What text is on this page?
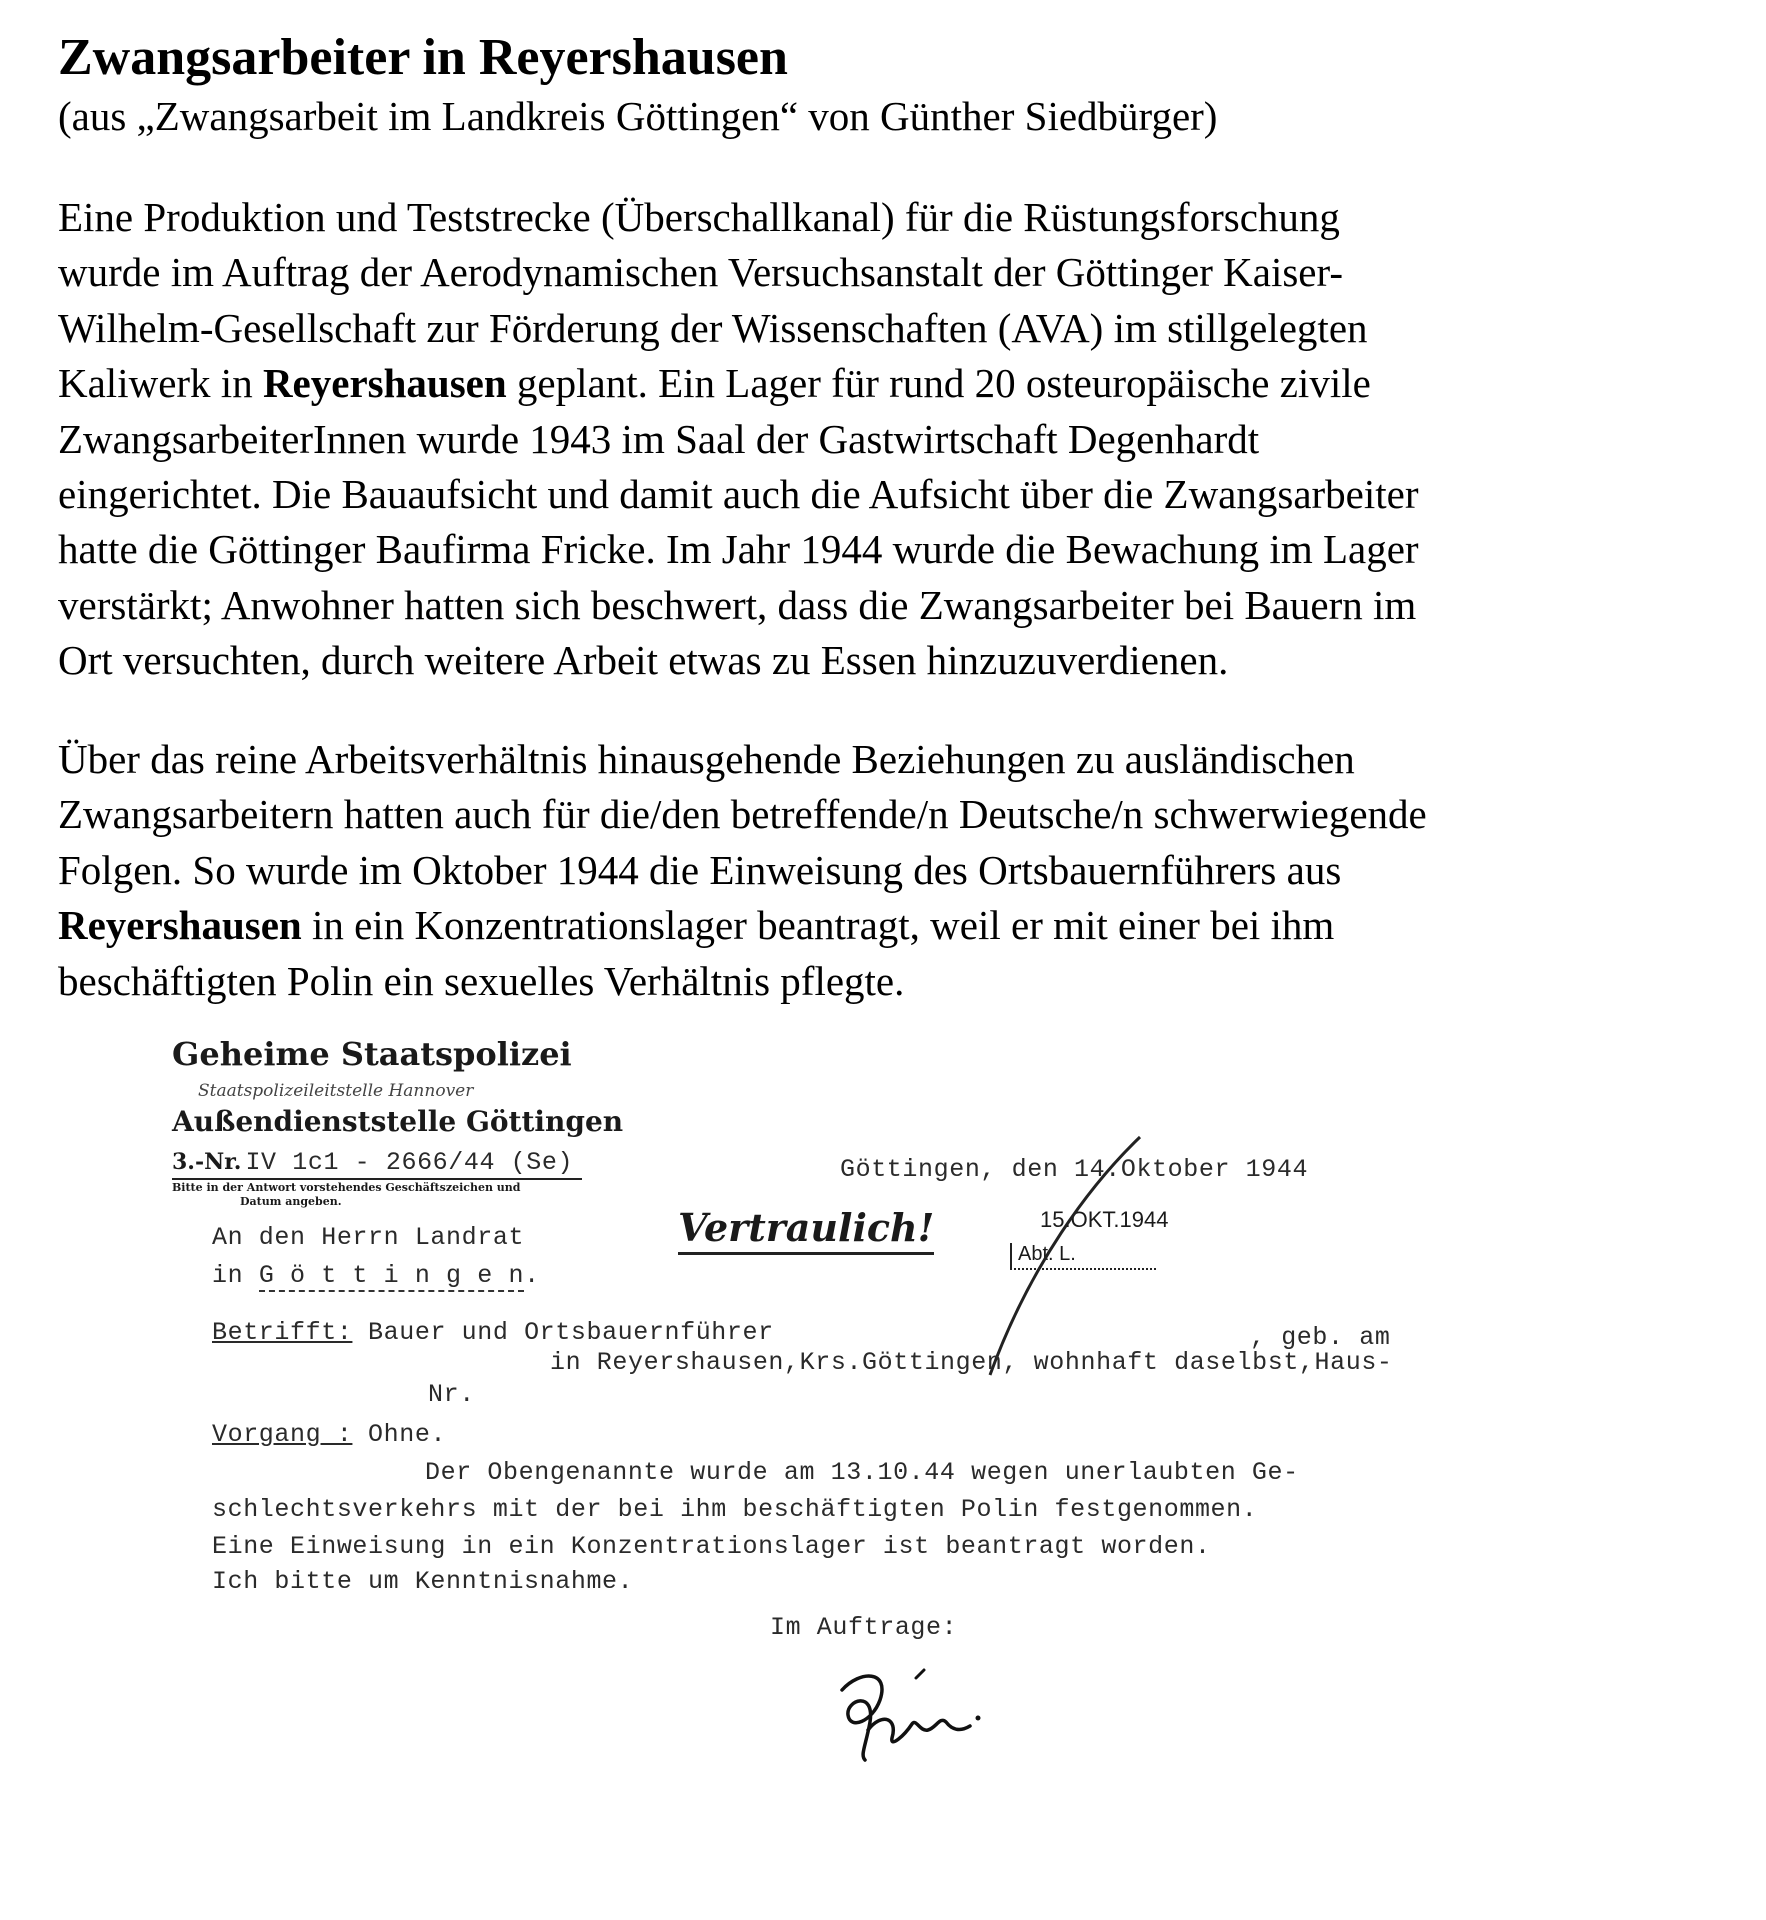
Zwangsarbeiter in Reyershausen
(aus „Zwangsarbeit im Landkreis Göttingen“ von Günther Siedbürger)

Eine Produktion und Teststrecke (Überschallkanal) für die Rüstungsforschung
wurde im Auftrag der Aerodynamischen Versuchsanstalt der Göttinger Kaiser-
Wilhelm-Gesellschaft zur Förderung der Wissenschaften (AVA) im stillgelegten
Kaliwerk in Reyershausen geplant. Ein Lager für rund 20 osteuropäische zivile
ZwangsarbeiterInnen wurde 1943 im Saal der Gastwirtschaft Degenhardt
eingerichtet. Die Bauaufsicht und damit auch die Aufsicht über die Zwangsarbeiter
hatte die Göttinger Baufirma Fricke. Im Jahr 1944 wurde die Bewachung im Lager
verstärkt; Anwohner hatten sich beschwert, dass die Zwangsarbeiter bei Bauern im
Ort versuchten, durch weitere Arbeit etwas zu Essen hinzuzuverdienen.

Über das reine Arbeitsverhältnis hinausgehende Beziehungen zu ausländischen
Zwangsarbeitern hatten auch für die/den betreffende/n Deutsche/n schwerwiegende
Folgen. So wurde im Oktober 1944 die Einweisung des Ortsbauernführers aus
Reyershausen in ein Konzentrationslager beantragt, weil er mit einer bei ihm
beschäftigten Polin ein sexuelles Verhältnis pflegte.

Geheime Staatspolizei
Staatspolizeileitstelle Hannover
Außendienststelle Göttingen
3.-Nr. IV 1c1 - 2666/44 (Se)
Bitte in der Antwort vorstehendes Geschäftszeichen und
Datum angeben.
Göttingen, den 14.Oktober 1944
Vertraulich!	15.OKT.1944
Abt. L.
An den Herrn Landrat
in G ö t t i n g e n.
Betrifft: Bauer und Ortsbauernführer	, geb. am
in Reyershausen,Krs.Göttingen, wohnhaft daselbst,Haus-
Nr.
Vorgang : Ohne.
Der Obengenannte wurde am 13.10.44 wegen unerlaubten Ge-
schlechtsverkehrs mit der bei ihm beschäftigten Polin festgenommen.
Eine Einweisung in ein Konzentrationslager ist beantragt worden.
Ich bitte um Kenntnisnahme.
Im Auftrage:
